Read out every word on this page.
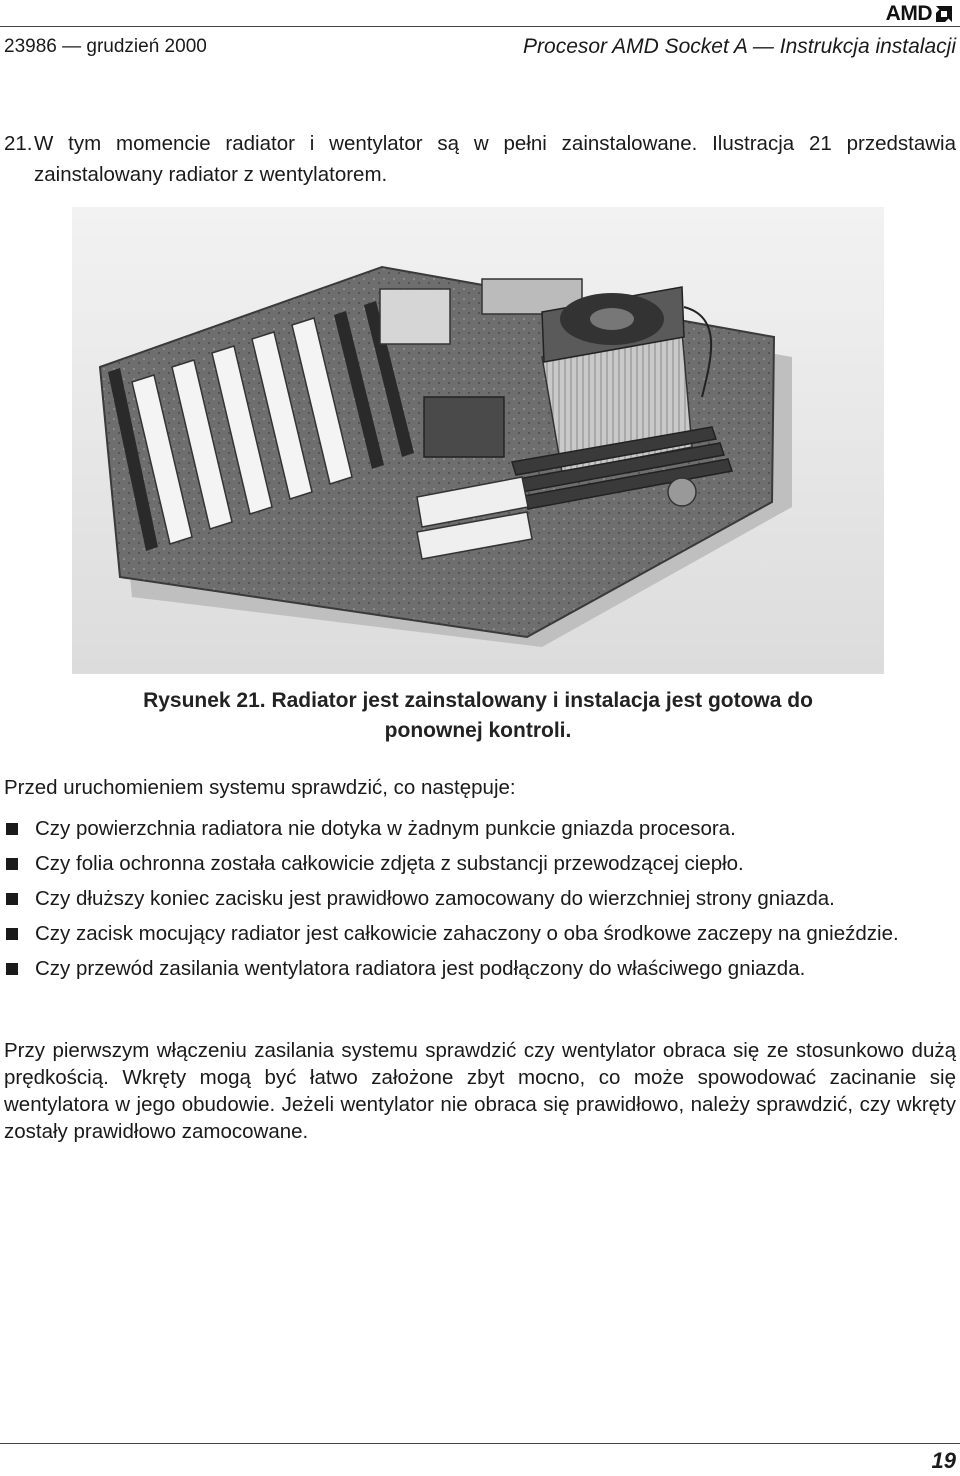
AMD
23986 — grudzień 2000	Procesor AMD Socket A — Instrukcja instalacji
21. W tym momencie radiator i wentylator są w pełni zainstalowane. Ilustracja 21 przedstawia zainstalowany radiator z wentylatorem.
Rysunek 21. Radiator jest zainstalowany i instalacja jest gotowa do
ponownej kontroli.
Przed uruchomieniem systemu sprawdzić, co następuje:
Czy powierzchnia radiatora nie dotyka w żadnym punkcie gniazda procesora.
Czy folia ochronna została całkowicie zdjęta z substancji przewodzącej ciepło.
Czy dłuższy koniec zacisku jest prawidłowo zamocowany do wierzchniej strony gniazda.
Czy zacisk mocujący radiator jest całkowicie zahaczony o oba środkowe zaczepy na gnieździe.
Czy przewód zasilania wentylatora radiatora jest podłączony do właściwego gniazda.
Przy pierwszym włączeniu zasilania systemu sprawdzić czy wentylator obraca się ze stosunkowo dużą prędkością. Wkręty mogą być łatwo założone zbyt mocno, co może spowodować zacinanie się wentylatora w jego obudowie. Jeżeli wentylator nie obraca się prawidłowo, należy sprawdzić, czy wkręty zostały prawidłowo zamocowane.
19
